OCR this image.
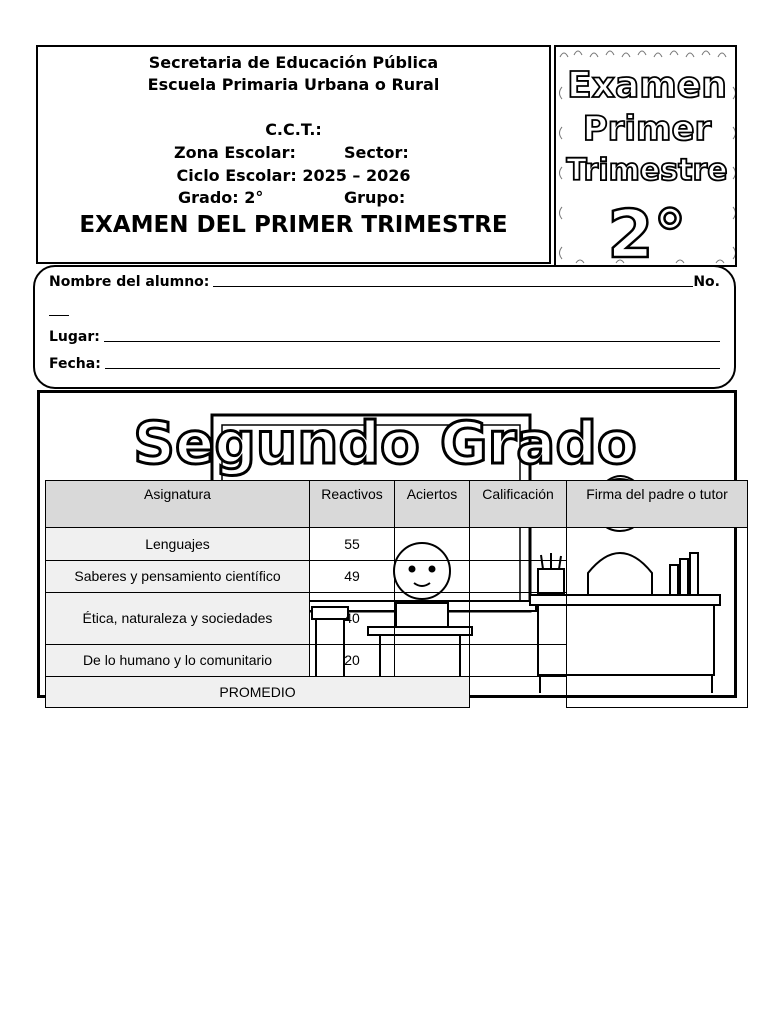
Secretaria de Educación Pública
Escuela Primaria Urbana o Rural
C.C.T.:
Zona Escolar:	Sector:
Ciclo Escolar: 2025 – 2026
Grado: 2°	Grupo:
EXAMEN DEL PRIMER TRIMESTRE
Examen
Primer
Trimestre
2°
Nombre del alumno:	No.
Lugar:
Fecha:
Segundo Grado
Asignatura	Reactivos	Aciertos	Calificación	Firma del padre o tutor
Lenguajes	55
Saberes y pensamiento científico	49
Ética, naturaleza y sociedades	40
De lo humano y lo comunitario	20
PROMEDIO
